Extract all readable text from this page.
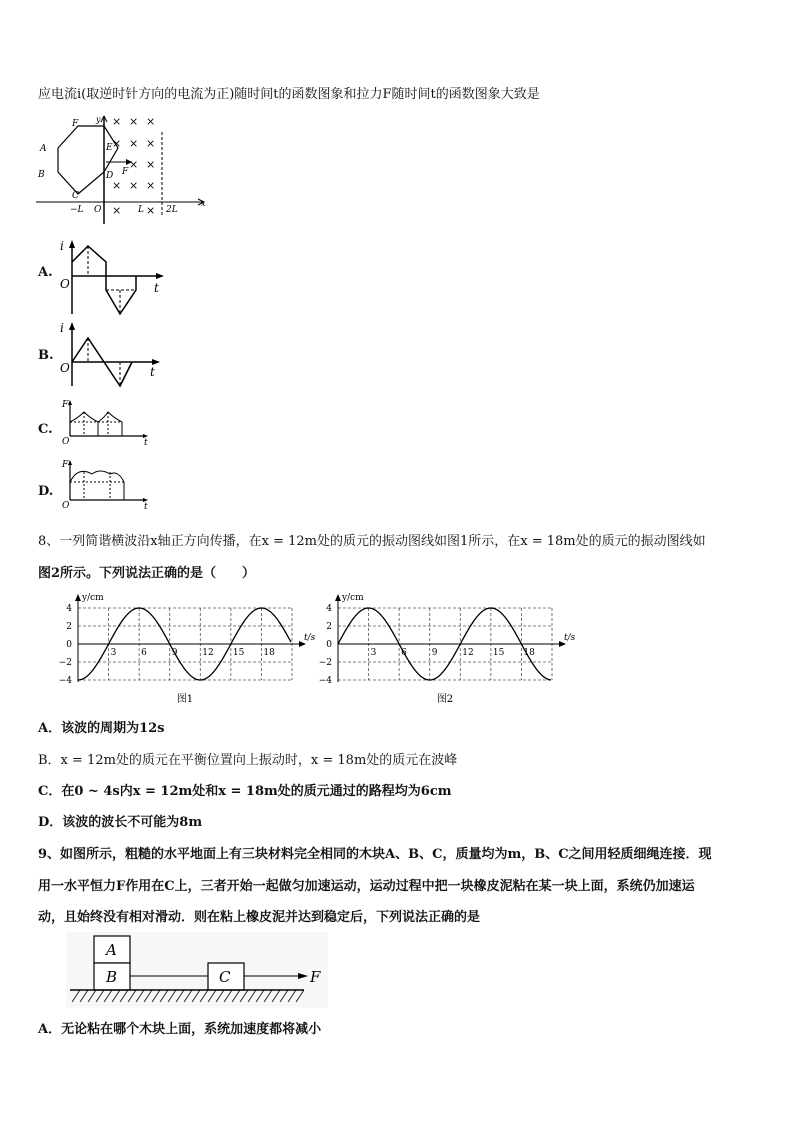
应电流i(取逆时针方向的电流为正)随时间t的函数图象和拉力F随时间t的函数图象大致是
× × ×
× × ×
× ×
× × ×
× ×
F
A
B
C
D
E
F
y
x
−L O	L 2L
A.
i
O	t
B.
i
O	t
C.
F
O	t
D.
F
O	t
8、一列简谐横波沿x轴正方向传播，在x = 12m处的质元的振动图线如图1所示，在x = 18m处的质元的振动图线如
图2所示。下列说法正确的是（　　）
4
2
0
−2
−4
3	6	9	12 15 18
y/cm
t/s
图1
4
2
0
−2
−4
3	6	9	12 15 18
y/cm
t/s
图2
A．该波的周期为12s
B．x = 12m处的质元在平衡位置向上振动时，x = 18m处的质元在波峰
C．在0 ~ 4s内x = 12m处和x = 18m处的质元通过的路程均为6cm
D．该波的波长不可能为8m
9、如图所示，粗糙的水平地面上有三块材料完全相同的木块A、B、C，质量均为m，B、C之间用轻质细绳连接．现
用一水平恒力F作用在C上，三者开始一起做匀加速运动，运动过程中把一块橡皮泥粘在某一块上面，系统仍加速运
动，且始终没有相对滑动．则在粘上橡皮泥并达到稳定后，下列说法正确的是
A
B	C	F
A．无论粘在哪个木块上面，系统加速度都将减小
